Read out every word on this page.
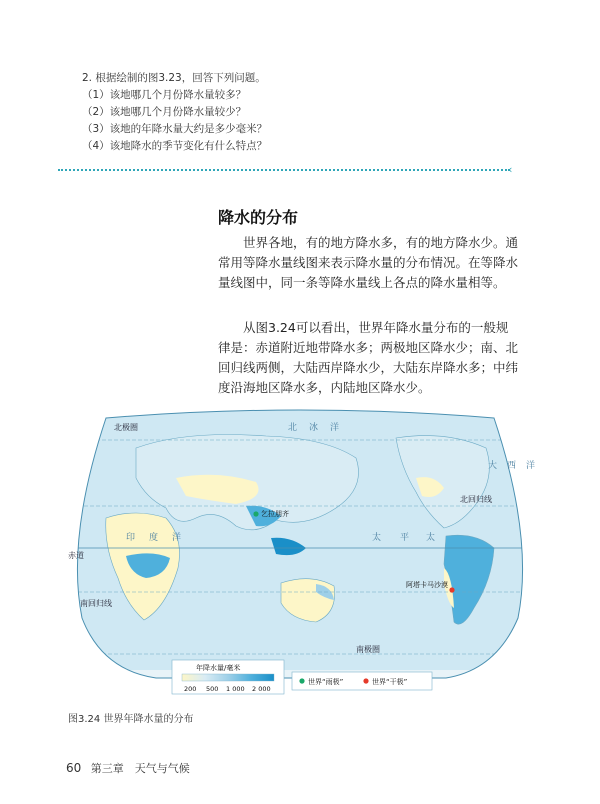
2. 根据绘制的图3.23，回答下列问题。
（1）该地哪几个月份降水量较多？
（2）该地哪几个月份降水量较少？
（3）该地的年降水量大约是多少毫米？
（4）该地降水的季节变化有什么特点？
‹
降水的分布
世界各地，有的地方降水多，有的地方降水少。通常用等降水量线图来表示降水量的分布情况。在等降水量线图中，同一条等降水量线上各点的降水量相等。
从图3.24可以看出，世界年降水量分布的一般规律是：赤道附近地带降水多；两极地区降水少；南、北回归线两侧，大陆西岸降水少，大陆东岸降水多；中纬度沿海地区降水多，内陆地区降水少。
北极圈
北回归线
赤道
南回归线
南极圈
北冰洋
印度洋	太 平 太
大西洋
乞拉朋齐
阿塔卡马沙漠
年降水量/毫米
200 500 1 000 2 000
世界“雨极”	世界“干极”
图3.24 世界年降水量的分布
60 第三章　天气与气候
